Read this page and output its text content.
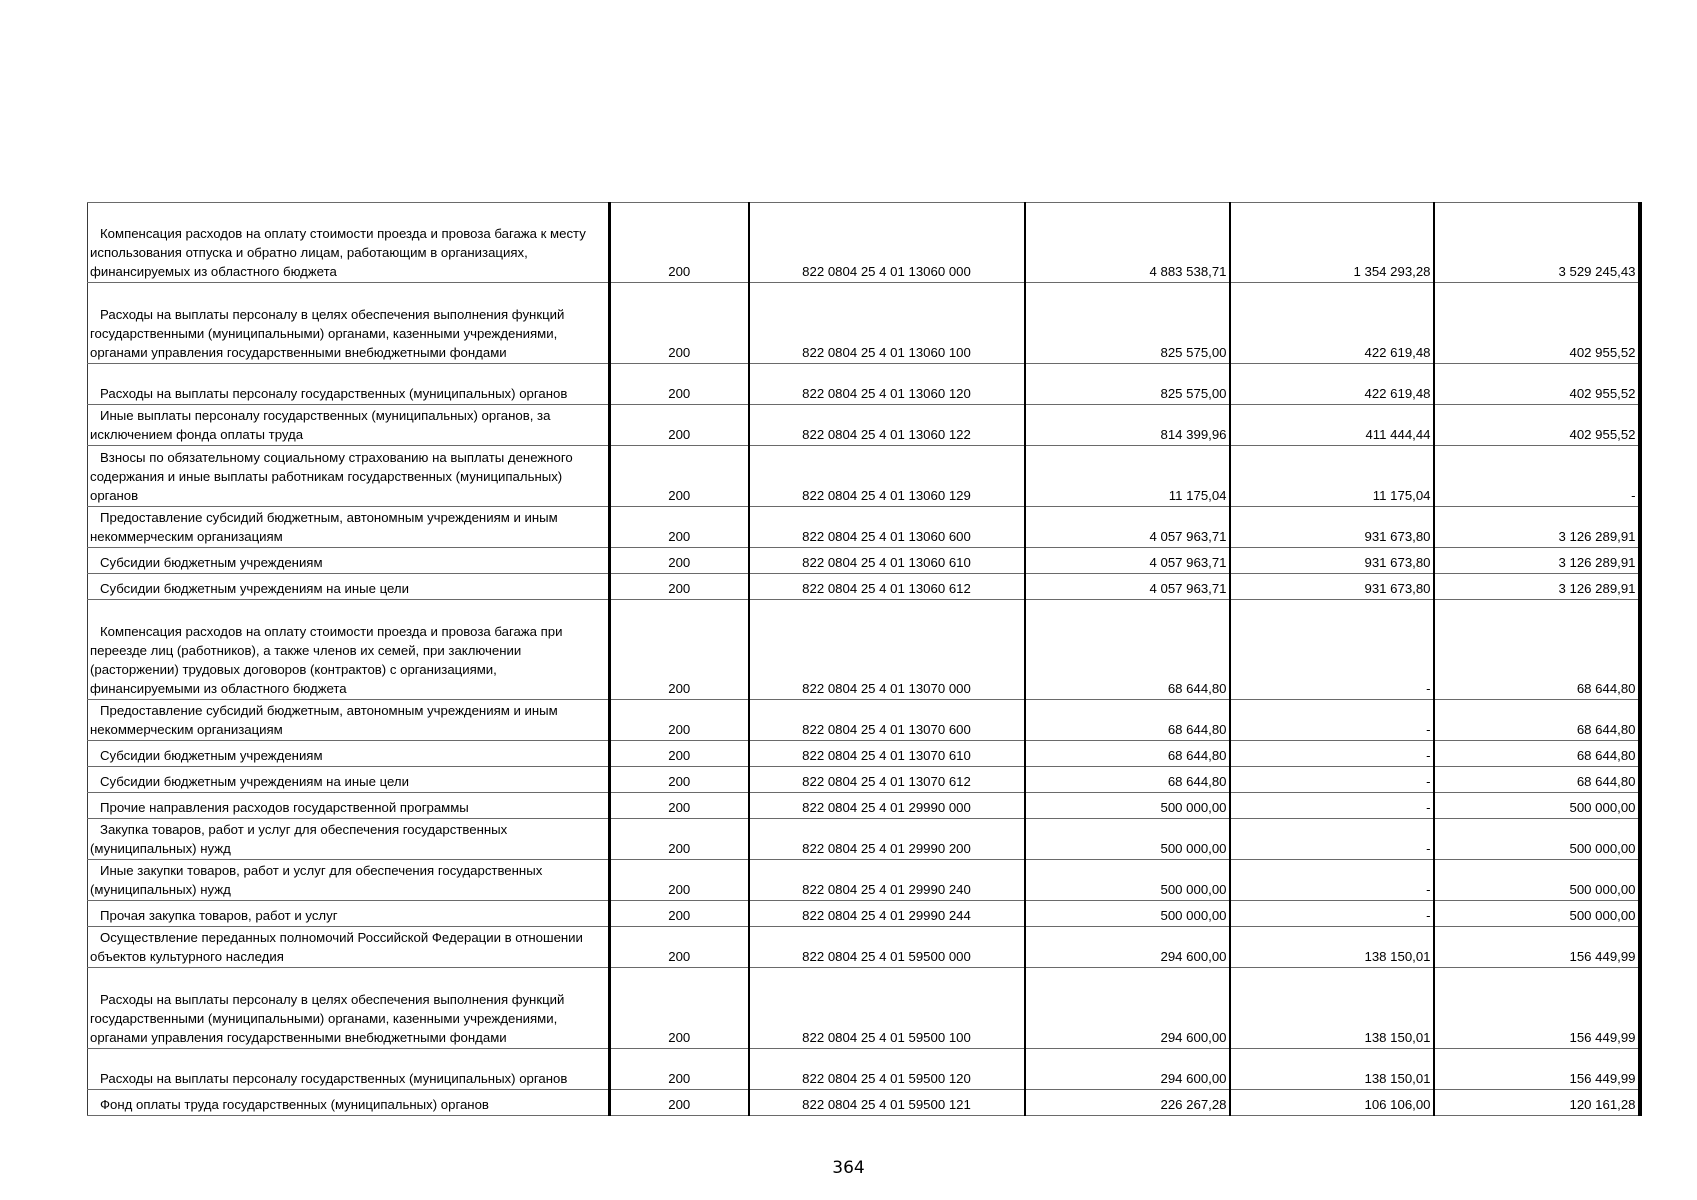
Компенсация расходов на оплату стоимости проезда и провоза багажа к месту использования отпуска и обратно лицам, работающим в организациях, финансируемых из областного бюджета	200	822 0804 25 4 01 13060 000	4 883 538,71	1 354 293,28	3 529 245,43
Расходы на выплаты персоналу в целях обеспечения выполнения функций государственными (муниципальными) органами, казенными учреждениями, органами управления государственными внебюджетными фондами	200	822 0804 25 4 01 13060 100	825 575,00	422 619,48	402 955,52
Расходы на выплаты персоналу государственных (муниципальных) органов	200	822 0804 25 4 01 13060 120	825 575,00	422 619,48	402 955,52
Иные выплаты персоналу государственных (муниципальных) органов, за исключением фонда оплаты труда	200	822 0804 25 4 01 13060 122	814 399,96	411 444,44	402 955,52
Взносы по обязательному социальному страхованию на выплаты денежного содержания и иные выплаты работникам государственных (муниципальных) органов	200	822 0804 25 4 01 13060 129	11 175,04	11 175,04	-
Предоставление субсидий бюджетным, автономным учреждениям и иным некоммерческим организациям	200	822 0804 25 4 01 13060 600	4 057 963,71	931 673,80	3 126 289,91
Субсидии бюджетным учреждениям	200	822 0804 25 4 01 13060 610	4 057 963,71	931 673,80	3 126 289,91
Субсидии бюджетным учреждениям на иные цели	200	822 0804 25 4 01 13060 612	4 057 963,71	931 673,80	3 126 289,91
Компенсация расходов на оплату стоимости проезда и провоза багажа при переезде лиц (работников), а также членов их семей, при заключении (расторжении) трудовых договоров (контрактов) с организациями, финансируемыми из областного бюджета	200	822 0804 25 4 01 13070 000	68 644,80	-	68 644,80
Предоставление субсидий бюджетным, автономным учреждениям и иным некоммерческим организациям	200	822 0804 25 4 01 13070 600	68 644,80	-	68 644,80
Субсидии бюджетным учреждениям	200	822 0804 25 4 01 13070 610	68 644,80	-	68 644,80
Субсидии бюджетным учреждениям на иные цели	200	822 0804 25 4 01 13070 612	68 644,80	-	68 644,80
Прочие направления расходов государственной программы	200	822 0804 25 4 01 29990 000	500 000,00	-	500 000,00
Закупка товаров, работ и услуг для обеспечения государственных (муниципальных) нужд	200	822 0804 25 4 01 29990 200	500 000,00	-	500 000,00
Иные закупки товаров, работ и услуг для обеспечения государственных (муниципальных) нужд	200	822 0804 25 4 01 29990 240	500 000,00	-	500 000,00
Прочая закупка товаров, работ и услуг	200	822 0804 25 4 01 29990 244	500 000,00	-	500 000,00
Осуществление переданных полномочий Российской Федерации в отношении объектов культурного наследия	200	822 0804 25 4 01 59500 000	294 600,00	138 150,01	156 449,99
Расходы на выплаты персоналу в целях обеспечения выполнения функций государственными (муниципальными) органами, казенными учреждениями, органами управления государственными внебюджетными фондами	200	822 0804 25 4 01 59500 100	294 600,00	138 150,01	156 449,99
Расходы на выплаты персоналу государственных (муниципальных) органов	200	822 0804 25 4 01 59500 120	294 600,00	138 150,01	156 449,99
Фонд оплаты труда государственных (муниципальных) органов	200	822 0804 25 4 01 59500 121	226 267,28	106 106,00	120 161,28
364
